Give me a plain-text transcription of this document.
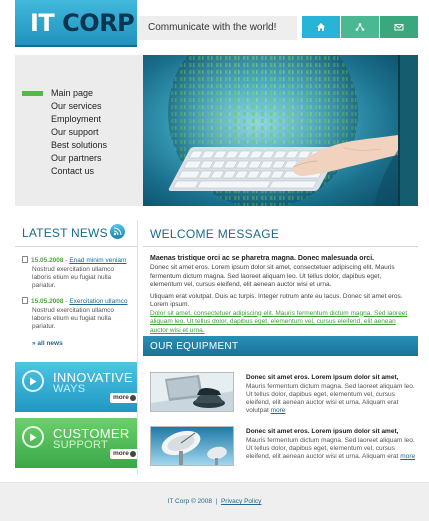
IT CORP Communicate with the world!
Main page
Our services
Employment
Our support
Best solutions
Our partners
Contact us
LATEST NEWS
15.05.2008 - Enad minim veniam
Nostrud exercitation ullamco laboris etium eu fugiat nulla pariatur.
15.05.2008 - Exercitation ullamco
Nostrud exercitation ullamco laboris etium eu fugiat nulla pariatur.
» all news
INNOVATIVE
WAYS
more
CUSTOMER
SUPPORT
more
WELCOME MESSAGE
Maenas tristique orci ac se pharetra magna. Donec malesuada orci.
Donec sit amet eros. Lorem ipsum dolor sit amet, consectetuer adipiscing elit. Mauris fermentum dictum magna. Sed laoreet aliquam leo. Ut tellus dolor, dapibus eget, elementum vel, cursus eleifend, elit aenean auctor wisi et urna.
Uliquam erat volutpat. Duis ac turpis. Integer rutrum ante eu lacus. Donec sit amet eros. Lorem ipsum.
Dolor sit amet, consectetuer adipiscing elit. Mauris fermentum dictum magna. Sed laoreet aliquam leo. Ut tellus dolor, dapibus eget, elementum vel, cursus eleifend, elit aenean auctor wisi et urna.
OUR EQUIPMENT
Donec sit amet eros. Lorem ipsum dolor sit amet,
Mauris fermentum dictum magna. Sed laoreet aliquam leo. Ut tellus dolor, dapibus eget, elementum vel, cursus eleifend, elit aenean auctor wisi et urna. Aliquam erat volutpat more
Donec sit amet eros. Lorem ipsum dolor sit amet,
Mauris fermentum dictum magna. Sed laoreet aliquam leo. Ut tellus dolor, dapibus eget, elementum vel, cursus eleifend, elit aenean auctor wisi et urna. Aliquam erat more
IT Corp © 2008 | Privacy Policy
